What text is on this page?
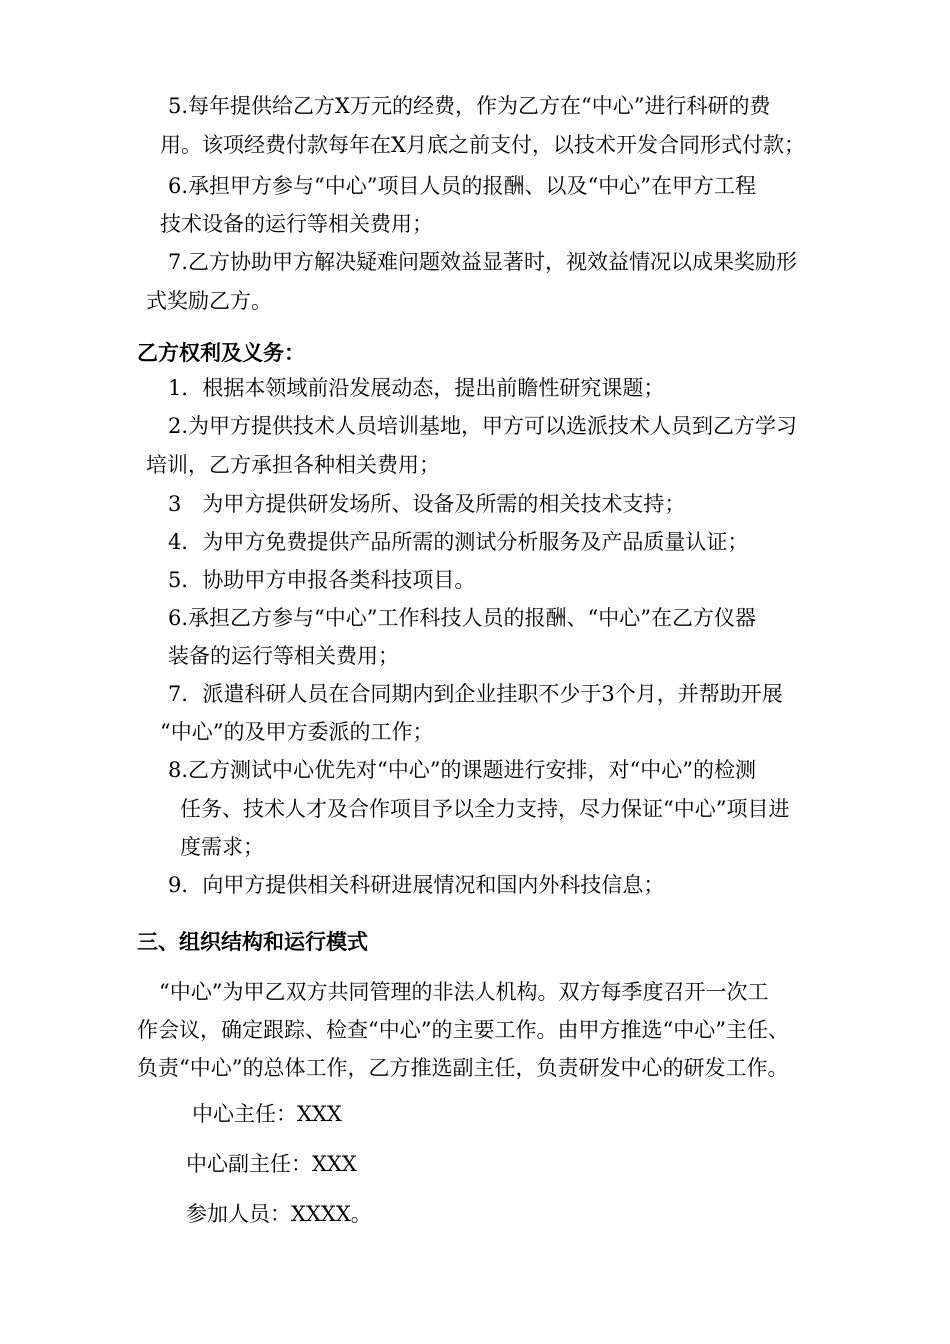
5.每年提供给乙方X万元的经费，作为乙方在“中心”进行科研的费
用。该项经费付款每年在X月底之前支付，以技术开发合同形式付款；
6.承担甲方参与“中心”项目人员的报酬、以及“中心”在甲方工程
技术设备的运行等相关费用；
7.乙方协助甲方解决疑难问题效益显著时，视效益情况以成果奖励形
式奖励乙方。
乙方权利及义务：
1．根据本领域前沿发展动态，提出前瞻性研究课题；
2.为甲方提供技术人员培训基地，甲方可以选派技术人员到乙方学习
培训，乙方承担各种相关费用；
3　为甲方提供研发场所、设备及所需的相关技术支持；
4．为甲方免费提供产品所需的测试分析服务及产品质量认证；
5．协助甲方申报各类科技项目。
6.承担乙方参与“中心”工作科技人员的报酬、“中心”在乙方仪器
装备的运行等相关费用；
7．派遣科研人员在合同期内到企业挂职不少于3个月，并帮助开展
“中心”的及甲方委派的工作；
8.乙方测试中心优先对“中心”的课题进行安排，对“中心”的检测
任务、技术人才及合作项目予以全力支持，尽力保证“中心”项目进
度需求；
9．向甲方提供相关科研进展情况和国内外科技信息；
三、组织结构和运行模式
“中心”为甲乙双方共同管理的非法人机构。双方每季度召开一次工
作会议，确定跟踪、检查“中心”的主要工作。由甲方推选“中心”主任、
负责“中心”的总体工作，乙方推选副主任，负责研发中心的研发工作。
中心主任：XXX
中心副主任：XXX
参加人员：XXXX。
